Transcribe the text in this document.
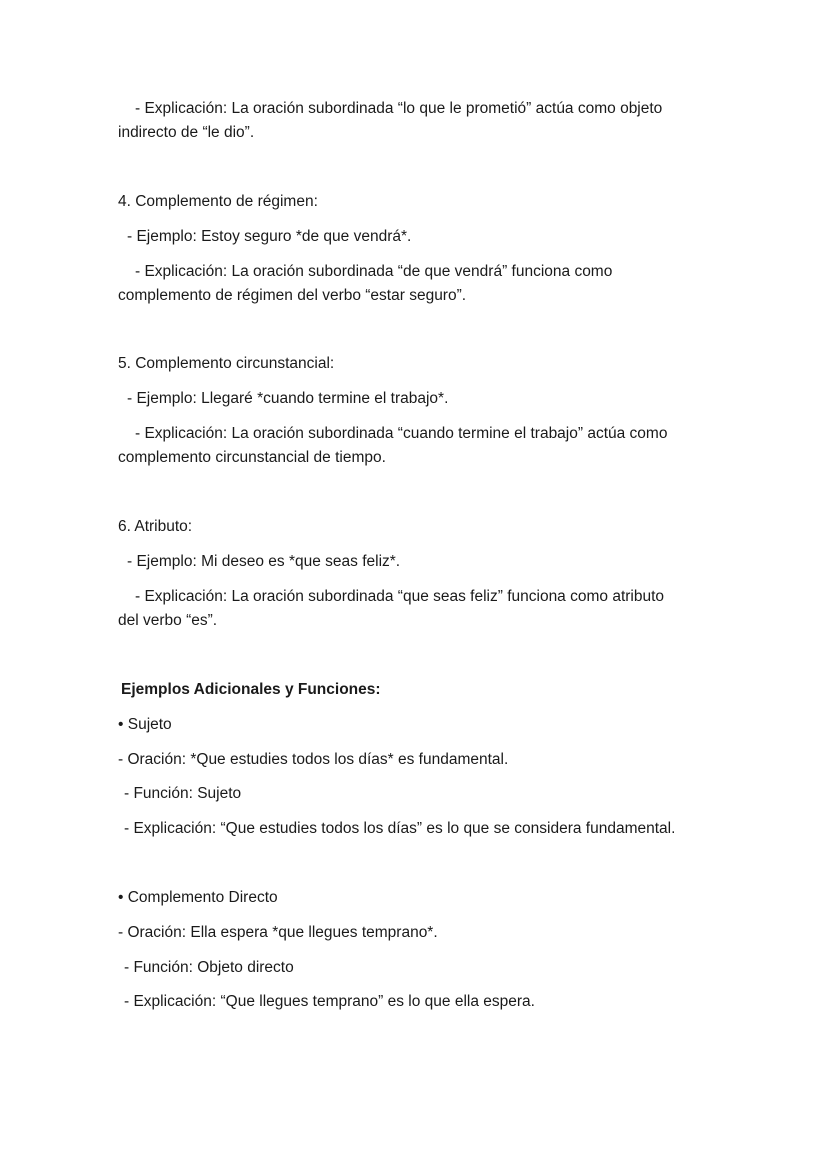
- Explicación: La oración subordinada “lo que le prometió” actúa como objeto
indirecto de “le dio”.
4. Complemento de régimen:
- Ejemplo: Estoy seguro *de que vendrá*.
- Explicación: La oración subordinada “de que vendrá” funciona como
complemento de régimen del verbo “estar seguro”.
5. Complemento circunstancial:
- Ejemplo: Llegaré *cuando termine el trabajo*.
- Explicación: La oración subordinada “cuando termine el trabajo” actúa como
complemento circunstancial de tiempo.
6. Atributo:
- Ejemplo: Mi deseo es *que seas feliz*.
- Explicación: La oración subordinada “que seas feliz” funciona como atributo
del verbo “es”.
Ejemplos Adicionales y Funciones:
• Sujeto
- Oración: *Que estudies todos los días* es fundamental.
- Función: Sujeto
- Explicación: “Que estudies todos los días” es lo que se considera fundamental.
• Complemento Directo
- Oración: Ella espera *que llegues temprano*.
- Función: Objeto directo
- Explicación: “Que llegues temprano” es lo que ella espera.
